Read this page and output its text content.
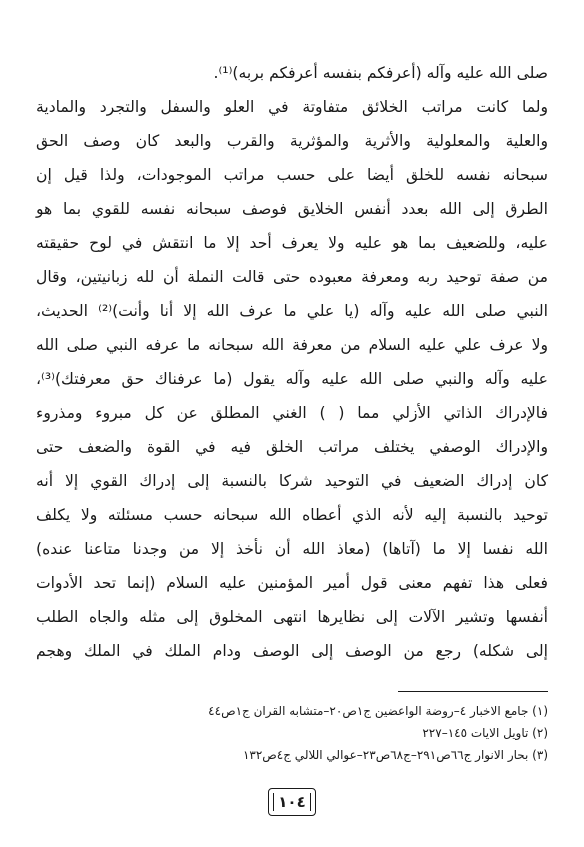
صلى الله عليه وآله (أعرفكم بنفسه أعرفكم بربه)⁽¹⁾.
ولما كانت مراتب الخلائق متفاوتة في العلو والسفل والتجرد والمادية
والعلية والمعلولية والأثرية والمؤثرية والقرب والبعد كان وصف الحق
سبحانه نفسه للخلق أيضا على حسب مراتب الموجودات، ولذا قيل إن
الطرق إلى الله بعدد أنفس الخلايق فوصف سبحانه نفسه للقوي بما هو
عليه، وللضعيف بما هو عليه ولا يعرف أحد إلا ما انتقش في لوح حقيقته
من صفة توحيد ربه ومعرفة معبوده حتى قالت النملة أن لله زبانيتين، وقال
النبي صلى الله عليه وآله (يا علي ما عرف الله إلا أنا وأنت)⁽²⁾ الحديث،
ولا عرف علي عليه السلام من معرفة الله سبحانه ما عرفه النبي صلى الله
عليه وآله والنبي صلى الله عليه وآله يقول (ما عرفناك حق معرفتك)⁽³⁾،
فالإدراك الذاتي الأزلي مما ( ) الغني المطلق عن كل مبروء ومذروء
والإدراك الوصفي يختلف مراتب الخلق فيه في القوة والضعف حتى
كان إدراك الضعيف في التوحيد شركا بالنسبة إلى إدراك القوي إلا أنه
توحيد بالنسبة إليه لأنه الذي أعطاه الله سبحانه حسب مسئلته ولا يكلف
الله نفسا إلا ما (آتاها) (معاذ الله أن نأخذ إلا من وجدنا متاعنا عنده)
فعلى هذا تفهم معنى قول أمير المؤمنين عليه السلام (إنما تحد الأدوات
أنفسها وتشير الآلات إلى نظايرها انتهى المخلوق إلى مثله والجاه الطلب
إلى شكله) رجع من الوصف إلى الوصف ودام الملك في الملك وهجم
(١) جامع الاخبار ٤–روضة الواعضين ج١ص٢٠–متشابه القران ج١ص٤٤
(٢) تاويل الايات ١٤٥–٢٢٧
(٣) بحار الانوار ج٦٦ص٢٩١–ج٦٨ص٢٣–عوالي اللالي ج٤ص١٣٢
١٠٤
